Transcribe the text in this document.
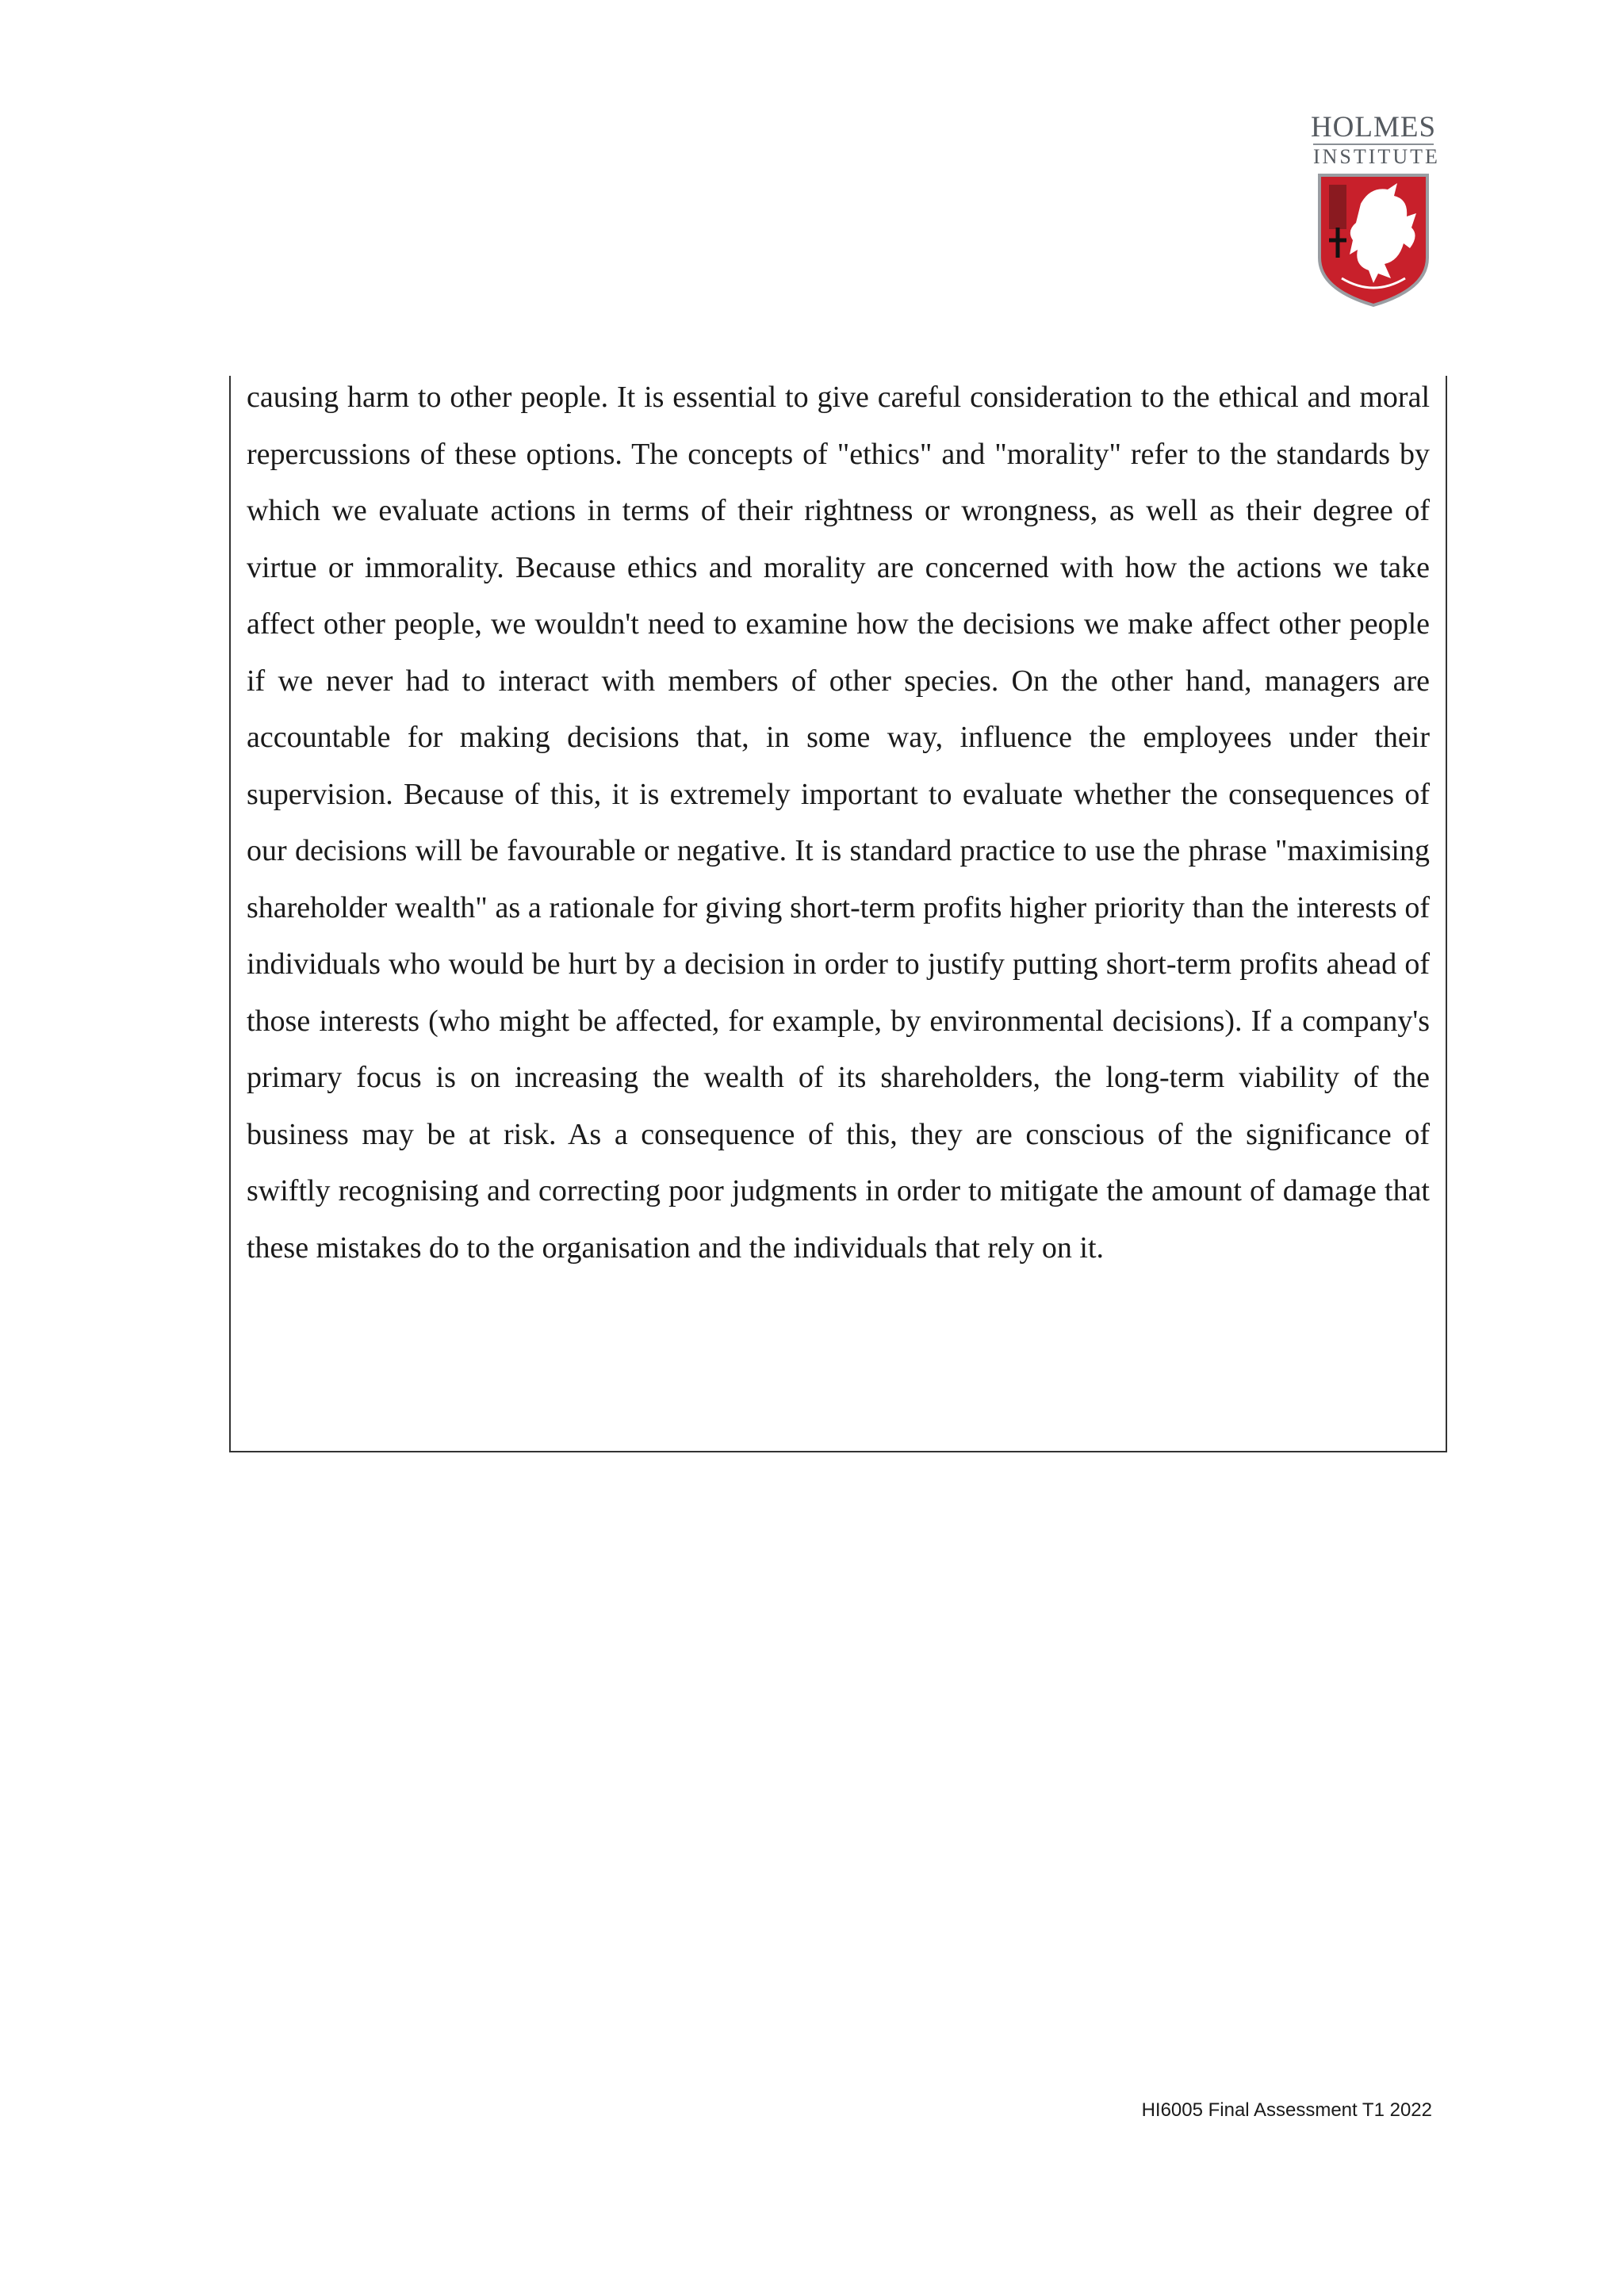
HOLMES
INSTITUTE

causing harm to other people. It is essential to give careful consideration to the ethical and moral repercussions of these options. The concepts of "ethics" and "morality" refer to the standards by which we evaluate actions in terms of their rightness or wrongness, as well as their degree of virtue or immorality. Because ethics and morality are concerned with how the actions we take affect other people, we wouldn't need to examine how the decisions we make affect other people if we never had to interact with members of other species. On the other hand, managers are accountable for making decisions that, in some way, influence the employees under their supervision. Because of this, it is extremely important to evaluate whether the consequences of our decisions will be favourable or negative. It is standard practice to use the phrase "maximising shareholder wealth" as a rationale for giving short-term profits higher priority than the interests of individuals who would be hurt by a decision in order to justify putting short-term profits ahead of those interests (who might be affected, for example, by environmental decisions). If a company's primary focus is on increasing the wealth of its shareholders, the long-term viability of the business may be at risk. As a consequence of this, they are conscious of the significance of swiftly recognising and correcting poor judgments in order to mitigate the amount of damage that these mistakes do to the organisation and the individuals that rely on it.

HI6005 Final Assessment T1 2022
